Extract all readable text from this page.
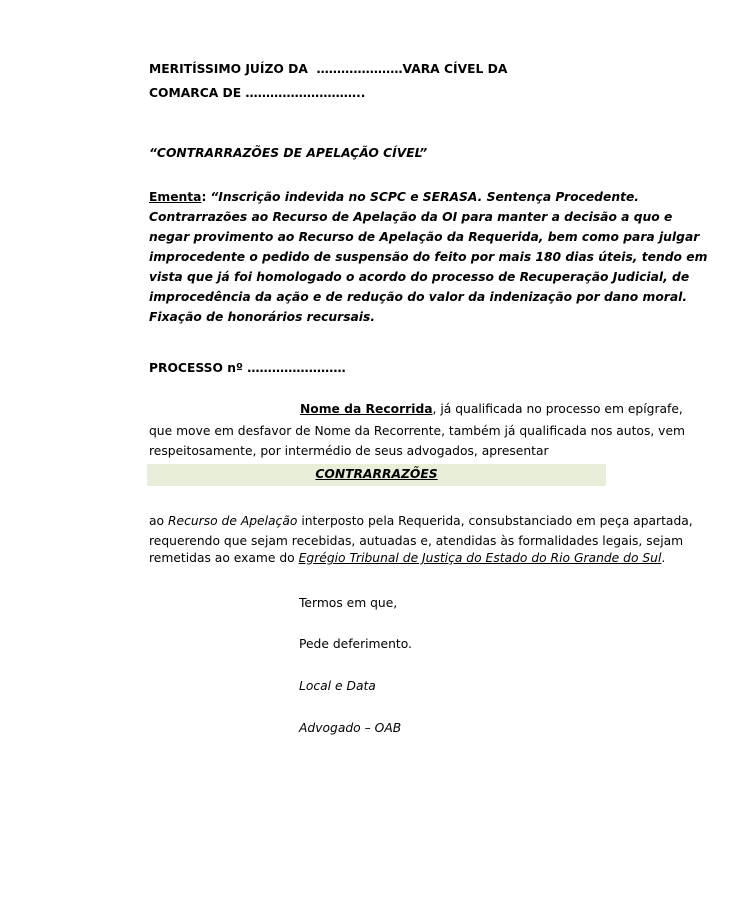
MERITÍSSIMO JUÍZO DA …………………VARA CÍVEL DA
COMARCA DE ………………………..
“CONTRARRAZÕES DE APELAÇÃO CÍVEL”
Ementa: “Inscrição indevida no SCPC e SERASA. Sentença Procedente.
Contrarrazões ao Recurso de Apelação da OI para manter a decisão a quo e
negar provimento ao Recurso de Apelação da Requerida, bem como para julgar
improcedente o pedido de suspensão do feito por mais 180 dias úteis, tendo em
vista que já foi homologado o acordo do processo de Recuperação Judicial, de
improcedência da ação e de redução do valor da indenização por dano moral.
Fixação de honorários recursais.
PROCESSO nº ……………………
Nome da Recorrida, já qualificada no processo em epígrafe,
que move em desfavor de Nome da Recorrente, também já qualificada nos autos, vem
respeitosamente, por intermédio de seus advogados, apresentar
CONTRARRAZÕES
ao Recurso de Apelação interposto pela Requerida, consubstanciado em peça apartada,
requerendo que sejam recebidas, autuadas e, atendidas às formalidades legais, sejam
remetidas ao exame do Egrégio Tribunal de Justiça do Estado do Rio Grande do Sul.
Termos em que,
Pede deferimento.
Local e Data
Advogado – OAB
